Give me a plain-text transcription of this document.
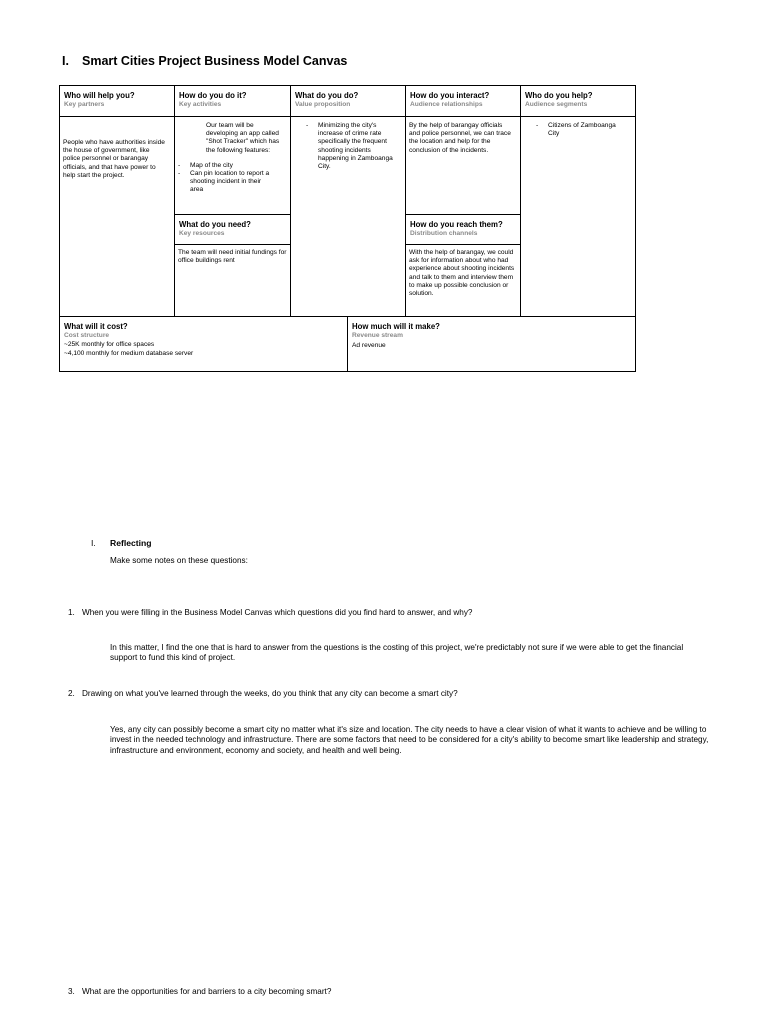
I. Smart Cities Project Business Model Canvas
Who will help you?
Key partners
How do you do it?
Key activities
What do you do?
Value proposition
How do you interact?
Audience relationships
Who do you help?
Audience segments
People who have authorities inside the house of government, like police personnel or barangay officials, and that have power to help start the project.
Our team will be developing an app called "Shot Tracker" which has the following features:
- Map of the city
- Can pin location to report a shooting incident in their area
- Minimizing the city's increase of crime rate specifically the frequent shooting incidents happening in Zamboanga City.
By the help of barangay officials and police personnel, we can trace the location and help for the conclusion of the incidents.
- Citizens of Zamboanga City
What do you need?
Key resources
The team will need initial fundings for office buildings rent
How do you reach them?
Distribution channels
With the help of barangay, we could ask for information about who had experience about shooting incidents and talk to them and interview them to make up possible conclusion or solution.
What will it cost?
Cost structure
~25K monthly for office spaces
~4,100 monthly for medium database server
How much will it make?
Revenue stream
Ad revenue
I. Reflecting
Make some notes on these questions:
1. When you were filling in the Business Model Canvas which questions did you find hard to answer, and why?
In this matter, I find the one that is hard to answer from the questions is the costing of this project, we're predictably not sure if we were able to get the financial support to fund this kind of project.
2. Drawing on what you've learned through the weeks, do you think that any city can become a smart city?
Yes, any city can possibly become a smart city no matter what it's size and location. The city needs to have a clear vision of what it wants to achieve and be willing to invest in the needed technology and infrastructure. There are some factors that need to be considered for a city's ability to become smart like leadership and strategy, infrastructure and environment, economy and society, and health and well being.
3. What are the opportunities for and barriers to a city becoming smart?
